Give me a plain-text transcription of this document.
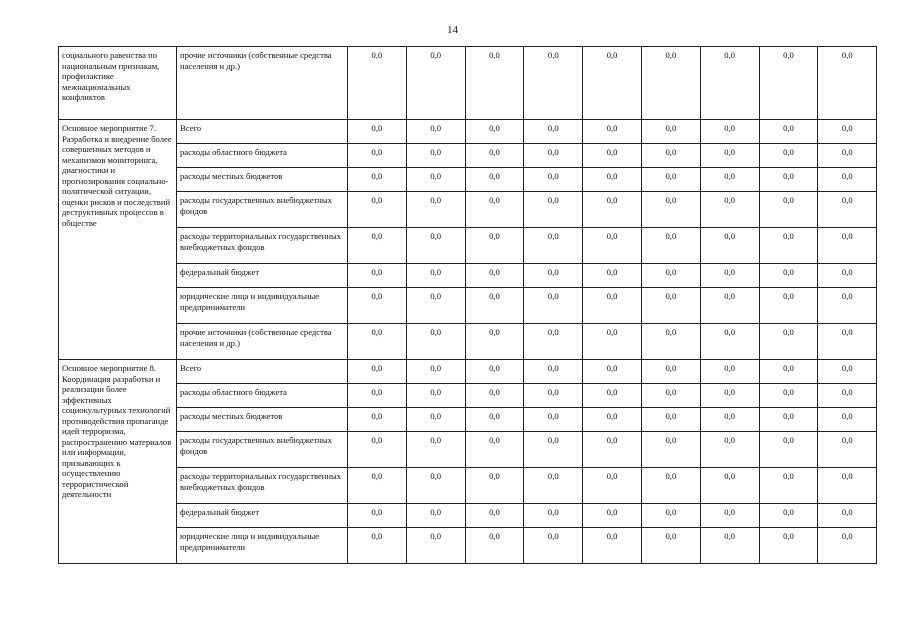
14
социального равенства по национальным признакам, профилактике межнациональных конфликтов	прочие источники (собственные средства населения и др.)	0,0	0,0	0,0	0,0	0,0	0,0	0,0	0,0	0,0
Основное мероприятие 7. Разработка и внедрение более совершенных методов и механизмов мониторинга, диагностики и прогнозирования социально-политической ситуации, оценки рисков и последствий деструктивных процессов в обществе	Всего	0,0	0,0	0,0	0,0	0,0	0,0	0,0	0,0	0,0
	расходы областного бюджета	0,0	0,0	0,0	0,0	0,0	0,0	0,0	0,0	0,0
	расходы местных бюджетов	0,0	0,0	0,0	0,0	0,0	0,0	0,0	0,0	0,0
	расходы государственных внебюджетных фондов	0,0	0,0	0,0	0,0	0,0	0,0	0,0	0,0	0,0
	расходы территориальных государственных внебюджетных фондов	0,0	0,0	0,0	0,0	0,0	0,0	0,0	0,0	0,0
	федеральный бюджет	0,0	0,0	0,0	0,0	0,0	0,0	0,0	0,0	0,0
	юридические лица и индивидуальные предприниматели	0,0	0,0	0,0	0,0	0,0	0,0	0,0	0,0	0,0
	прочие источники (собственные средства населения и др.)	0,0	0,0	0,0	0,0	0,0	0,0	0,0	0,0	0,0
Основное мероприятие 8. Координация разработки и реализации более эффективных социокультурных технологий противодействия пропаганде идей терроризма, распространению материалов или информации, призывающих к осуществлению террористической деятельности	Всего	0,0	0,0	0,0	0,0	0,0	0,0	0,0	0,0	0,0
	расходы областного бюджета	0,0	0,0	0,0	0,0	0,0	0,0	0,0	0,0	0,0
	расходы местных бюджетов	0,0	0,0	0,0	0,0	0,0	0,0	0,0	0,0	0,0
	расходы государственных внебюджетных фондов	0,0	0,0	0,0	0,0	0,0	0,0	0,0	0,0	0,0
	расходы территориальных государственных внебюджетных фондов	0,0	0,0	0,0	0,0	0,0	0,0	0,0	0,0	0,0
	федеральный бюджет	0,0	0,0	0,0	0,0	0,0	0,0	0,0	0,0	0,0
	юридические лица и индивидуальные предприниматели	0,0	0,0	0,0	0,0	0,0	0,0	0,0	0,0	0,0
